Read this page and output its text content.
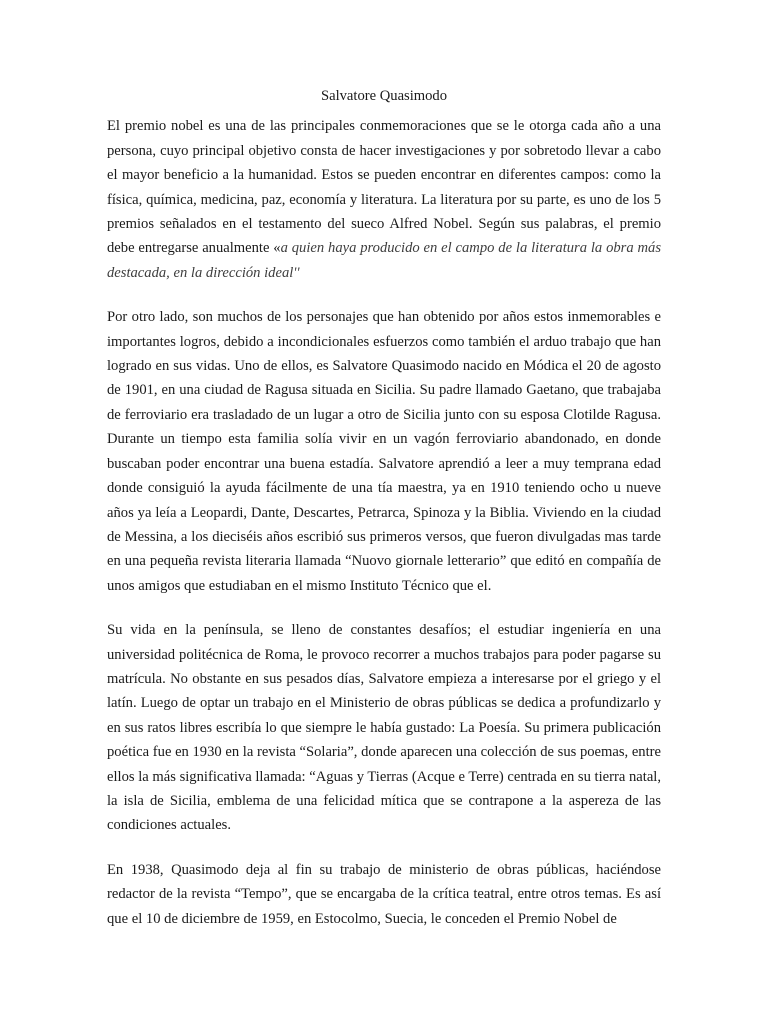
Salvatore Quasimodo

El premio nobel es una de las principales conmemoraciones que se le otorga cada año a una persona, cuyo principal objetivo consta de hacer investigaciones y por sobretodo llevar a cabo el mayor beneficio a la humanidad. Estos se pueden encontrar en diferentes campos: como la física, química, medicina, paz, economía y literatura. La literatura por su parte, es uno de los 5 premios señalados en el testamento del sueco Alfred Nobel. Según sus palabras, el premio debe entregarse anualmente «a quien haya producido en el campo de la literatura la obra más destacada, en la dirección ideal''

Por otro lado, son muchos de los personajes que han obtenido por años estos inmemorables e importantes logros, debido a incondicionales esfuerzos como también el arduo trabajo que han logrado en sus vidas. Uno de ellos, es Salvatore Quasimodo nacido en Módica el 20 de agosto de 1901, en una ciudad de Ragusa situada en Sicilia. Su padre llamado Gaetano, que trabajaba de ferroviario era trasladado de un lugar a otro de Sicilia junto con su esposa Clotilde Ragusa. Durante un tiempo esta familia solía vivir en un vagón ferroviario abandonado, en donde buscaban poder encontrar una buena estadía. Salvatore aprendió a leer a muy temprana edad donde consiguió la ayuda fácilmente de una tía maestra, ya en 1910 teniendo ocho u nueve años ya leía a Leopardi, Dante, Descartes, Petrarca, Spinoza y la Biblia. Viviendo en la ciudad de Messina, a los dieciséis años escribió sus primeros versos, que fueron divulgadas mas tarde en una pequeña revista literaria llamada “Nuovo giornale letterario” que editó en compañía de unos amigos que estudiaban en el mismo Instituto Técnico que el.

Su vida en la península, se lleno de constantes desafíos; el estudiar ingeniería en una universidad politécnica de Roma, le provoco recorrer a muchos trabajos para poder pagarse su matrícula. No obstante en sus pesados días, Salvatore empieza a interesarse por el griego y el latín. Luego de optar un trabajo en el Ministerio de obras públicas se dedica a profundizarlo y en sus ratos libres escribía lo que siempre le había gustado: La Poesía. Su primera publicación poética fue en 1930 en la revista “Solaria”, donde aparecen una colección de sus poemas, entre ellos la más significativa llamada: “Aguas y Tierras (Acque e Terre) centrada en su tierra natal, la isla de Sicilia, emblema de una felicidad mítica que se contrapone a la aspereza de las condiciones actuales.

En 1938, Quasimodo deja al fin su trabajo de ministerio de obras públicas, haciéndose redactor de la revista “Tempo”, que se encargaba de la crítica teatral, entre otros temas. Es así que el 10 de diciembre de 1959, en Estocolmo, Suecia, le conceden el Premio Nobel de
